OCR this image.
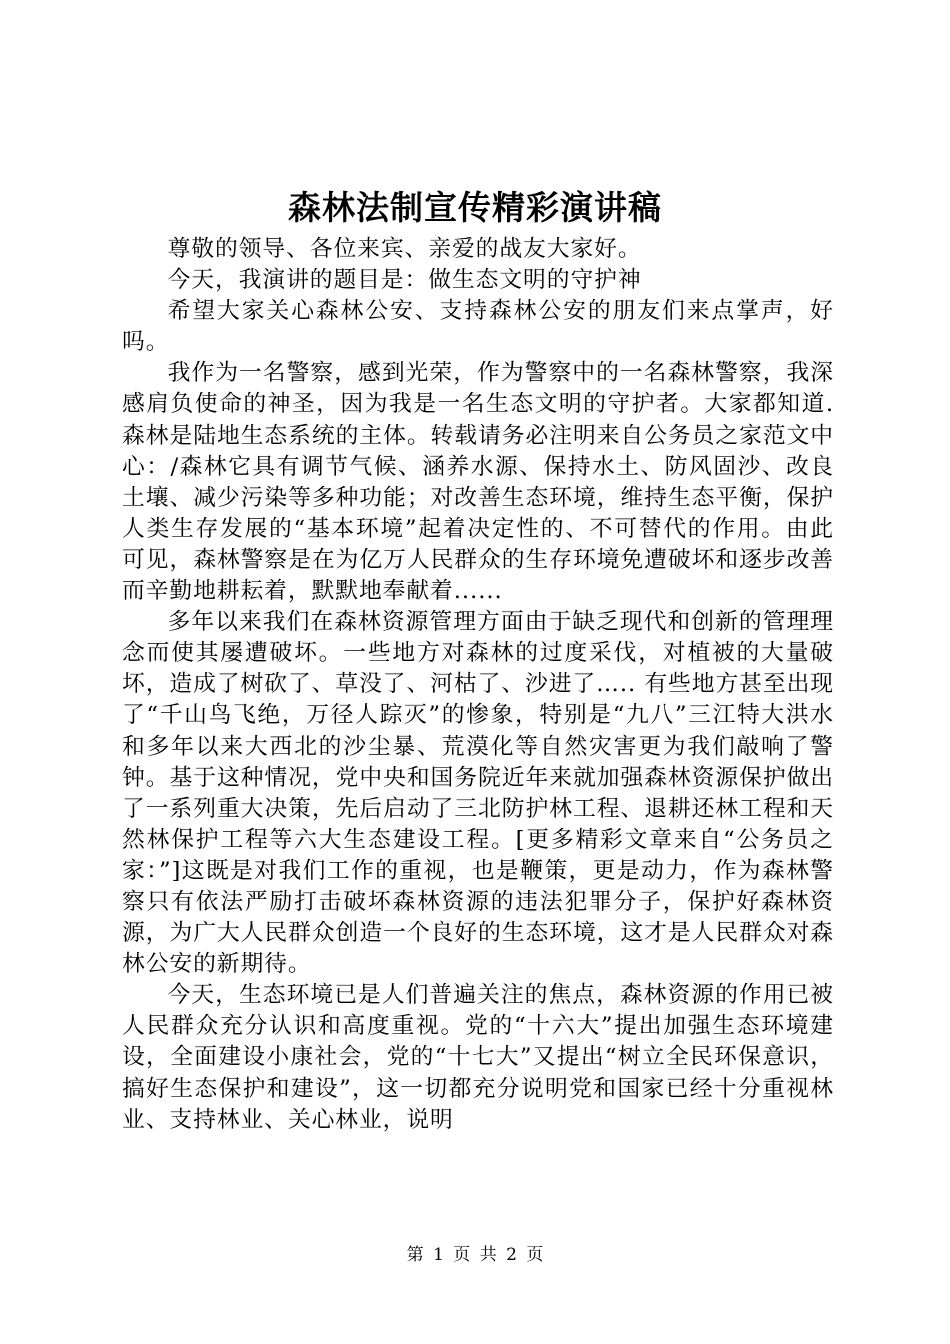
森林法制宣传精彩演讲稿

尊敬的领导、各位来宾、亲爱的战友大家好。

今天，我演讲的题目是：做生态文明的守护神

希望大家关心森林公安、支持森林公安的朋友们来点掌声，好吗。

我作为一名警察，感到光荣，作为警察中的一名森林警察，我深感肩负使命的神圣，因为我是一名生态文明的守护者。大家都知道.森林是陆地生态系统的主体。转载请务必注明来自公务员之家范文中心：/森林它具有调节气候、涵养水源、保持水土、防风固沙、改良土壤、减少污染等多种功能；对改善生态环境，维持生态平衡，保护人类生存发展的“基本环境”起着决定性的、不可替代的作用。由此可见，森林警察是在为亿万人民群众的生存环境免遭破坏和逐步改善而辛勤地耕耘着，默默地奉献着......

多年以来我们在森林资源管理方面由于缺乏现代和创新的管理理念而使其屡遭破坏。一些地方对森林的过度采伐，对植被的大量破坏，造成了树砍了、草没了、河枯了、沙进了….. 有些地方甚至出现了“千山鸟飞绝，万径人踪灭”的惨象，特别是“九八”三江特大洪水和多年以来大西北的沙尘暴、荒漠化等自然灾害更为我们敲响了警钟。基于这种情况，党中央和国务院近年来就加强森林资源保护做出了一系列重大决策，先后启动了三北防护林工程、退耕还林工程和天然林保护工程等六大生态建设工程。[更多精彩文章来自“公务员之家：”]这既是对我们工作的重视，也是鞭策，更是动力，作为森林警察只有依法严励打击破坏森林资源的违法犯罪分子，保护好森林资源，为广大人民群众创造一个良好的生态环境，这才是人民群众对森林公安的新期待。

今天，生态环境已是人们普遍关注的焦点，森林资源的作用已被人民群众充分认识和高度重视。党的“十六大”提出加强生态环境建设，全面建设小康社会，党的“十七大”又提出“树立全民环保意识，搞好生态保护和建设”，这一切都充分说明党和国家已经十分重视林业、支持林业、关心林业，说明

第 1 页 共 2 页
